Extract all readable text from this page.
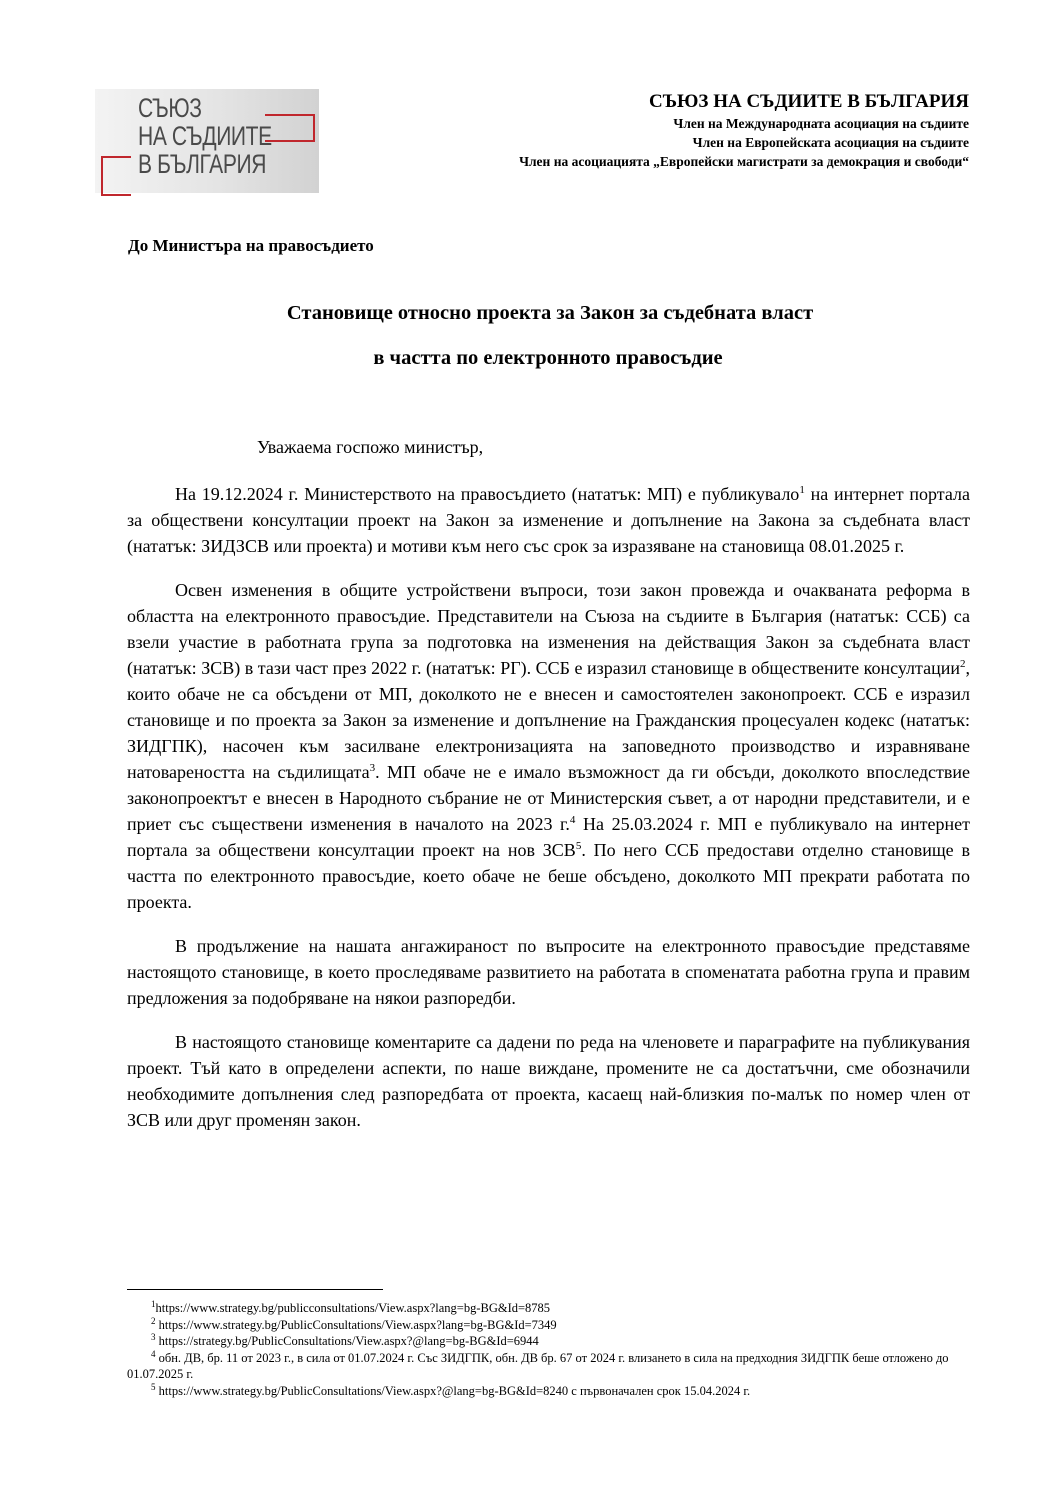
СЪЮЗ
НА СЪДИИТЕ
В БЪЛГАРИЯ
СЪЮЗ НА СЪДИИТЕ В БЪЛГАРИЯ
Член на Международната асоциация на съдиите
Член на Европейската асоциация на съдиите
Член на асоциацията „Европейски магистрати за демокрация и свободи“
До Министъра на правосъдието
Становище относно проекта за Закон за съдебната власт
в частта по електронното правосъдие
Уважаема госпожо министър,

На 19.12.2024 г. Министерството на правосъдието (нататък: МП) е публикувало$^1$ на интернет портала за обществени консултации проект на Закон за изменение и допълнение на Закона за съдебната власт (нататък: ЗИДЗСВ или проекта) и мотиви към него със срок за изразяване на становища 08.01.2025 г.

Освен изменения в общите устройствени въпроси, този закон провежда и очакваната реформа в областта на електронното правосъдие. Представители на Съюза на съдиите в България (нататък: ССБ) са взели участие в работната група за подготовка на изменения на действащия Закон за съдебната власт (нататък: ЗСВ) в тази част през 2022 г. (нататък: РГ). ССБ е изразил становище в обществените консултации$^2$, които обаче не са обсъдени от МП, доколкото не е внесен и самостоятелен законопроект. ССБ е изразил становище и по проекта за Закон за изменение и допълнение на Гражданския процесуален кодекс (нататък: ЗИДГПК), насочен към засилване електронизацията на заповедното производство и изравняване натовареността на съдилищата$^3$. МП обаче не е имало възможност да ги обсъди, доколкото впоследствие законопроектът е внесен в Народното събрание не от Министерския съвет, а от народни представители, и е приет със съществени изменения в началото на 2023 г.$^4$ На 25.03.2024 г. МП е публикувало на интернет портала за обществени консултации проект на нов ЗСВ$^5$. По него ССБ предостави отделно становище в частта по електронното правосъдие, което обаче не беше обсъдено, доколкото МП прекрати работата по проекта.

В продължение на нашата ангажираност по въпросите на електронното правосъдие представяме настоящото становище, в което проследяваме развитието на работата в споменатата работна група и правим предложения за подобряване на някои разпоредби.

В настоящото становище коментарите са дадени по реда на членовете и параграфите на публикувания проект. Тъй като в определени аспекти, по наше виждане, промените не са достатъчни, сме обозначили необходимите допълнения след разпоредбата от проекта, касаещ най-близкия по-малък по номер член от ЗСВ или друг променян закон.

$^1$https://www.strategy.bg/publicconsultations/View.aspx?lang=bg-BG&Id=8785

$^2$ https://www.strategy.bg/PublicConsultations/View.aspx?lang=bg-BG&Id=7349

$^3$ https://strategy.bg/PublicConsultations/View.aspx?@lang=bg-BG&Id=6944

$^4$ обн. ДВ, бр. 11 от 2023 г., в сила от 01.07.2024 г. Със ЗИДГПК, обн. ДВ бр. 67 от 2024 г. влизането в сила на предходния ЗИДГПК беше отложено до 01.07.2025 г.

$^5$ https://www.strategy.bg/PublicConsultations/View.aspx?@lang=bg-BG&Id=8240 с първоначален срок 15.04.2024 г.
